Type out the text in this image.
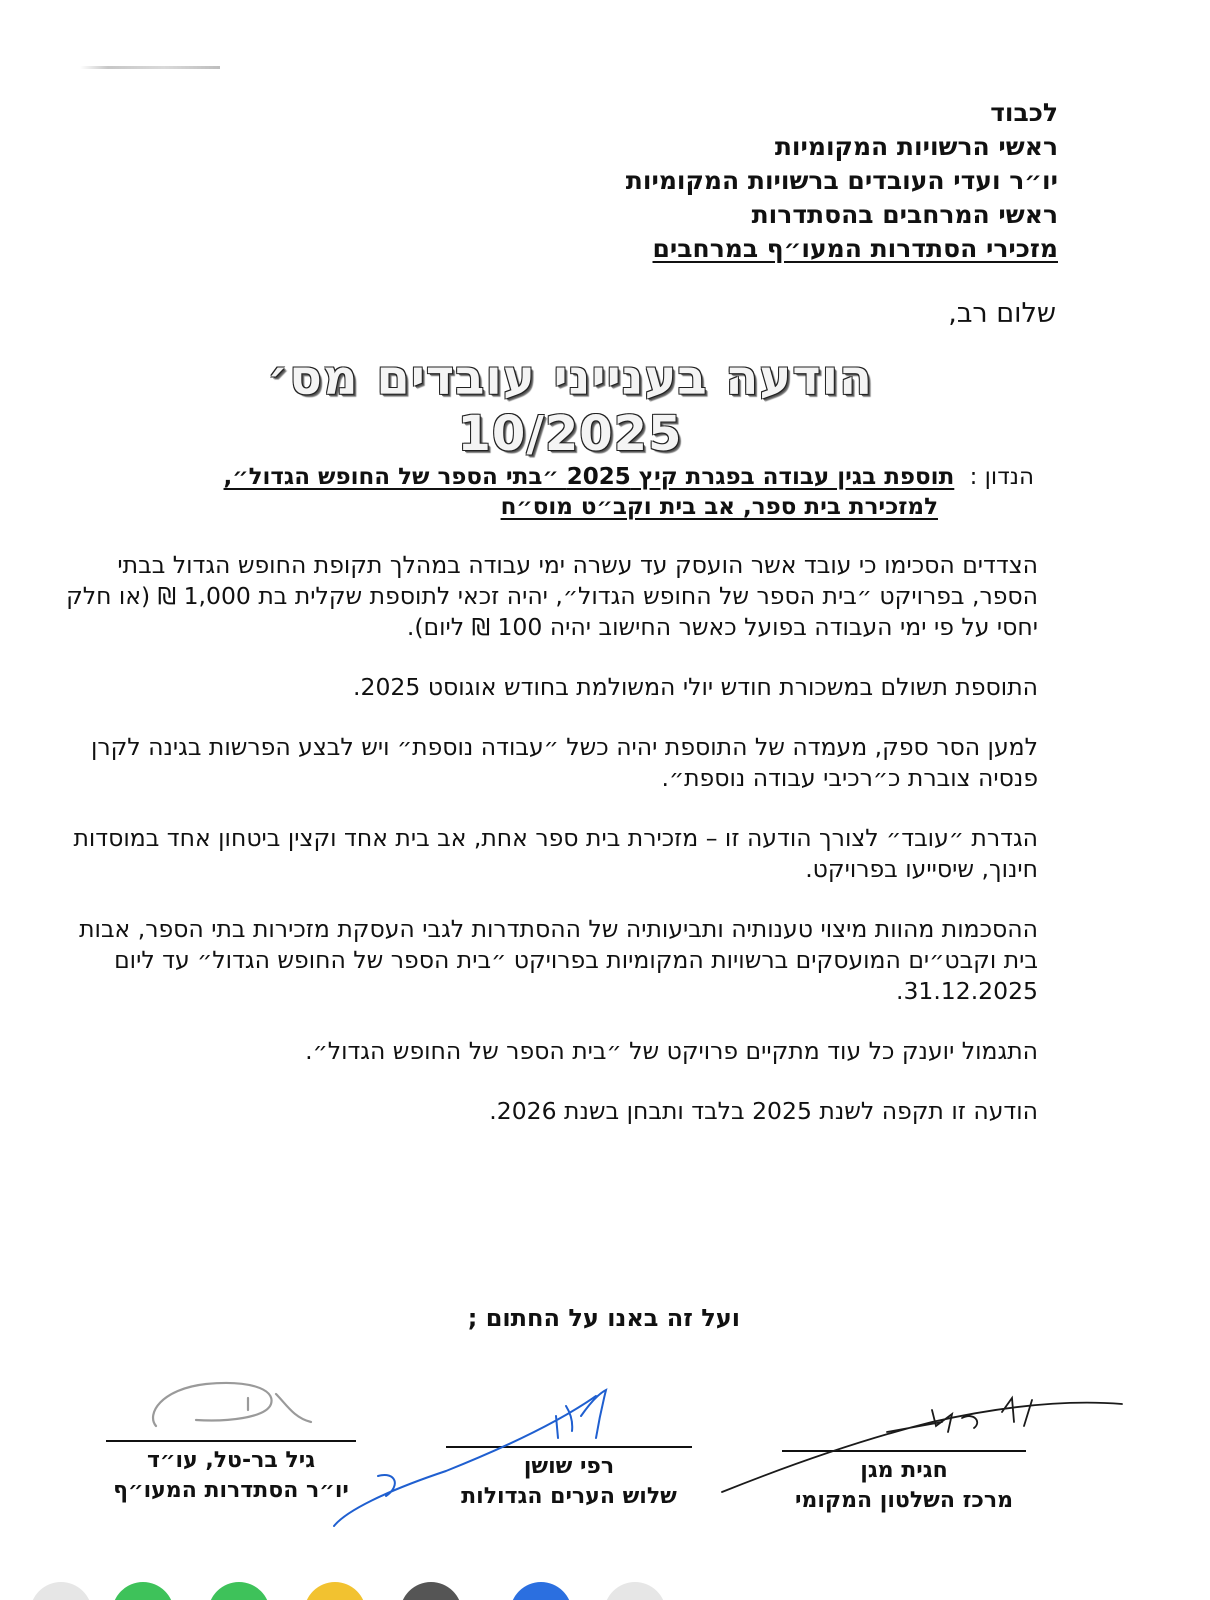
לכבוד
ראשי הרשויות המקומיות
יו״ר ועדי העובדים ברשויות המקומיות
ראשי המרחבים בהסתדרות
מזכירי הסתדרות המעו״ף במרחבים
שלום רב,
הודעה בענייני עובדים מס׳ 10/2025
הנדון : תוספת בגין עבודה בפגרת קיץ 2025 ״בתי הספר של החופש הגדול״,
למזכירת בית ספר, אב בית וקב״ט מוס״ח

הצדדים הסכימו כי עובד אשר הועסק עד עשרה ימי עבודה במהלך תקופת החופש הגדול בבתי הספר, בפרויקט ״בית הספר של החופש הגדול״, יהיה זכאי לתוספת שקלית בת 1,000 ₪ (או חלק יחסי על פי ימי העבודה בפועל כאשר החישוב יהיה 100 ₪ ליום).

התוספת תשולם במשכורת חודש יולי המשולמת בחודש אוגוסט 2025.

למען הסר ספק, מעמדה של התוספת יהיה כשל ״עבודה נוספת״ ויש לבצע הפרשות בגינה לקרן פנסיה צוברת כ״רכיבי עבודה נוספת״.

הגדרת ״עובד״ לצורך הודעה זו – מזכירת בית ספר אחת, אב בית אחד וקצין ביטחון אחד במוסדות חינוך, שיסייעו בפרויקט.

ההסכמות מהוות מיצוי טענותיה ותביעותיה של ההסתדרות לגבי העסקת מזכירות בתי הספר, אבות בית וקבט״ים המועסקים ברשויות המקומיות בפרויקט ״בית הספר של החופש הגדול״ עד ליום 31.12.2025.

התגמול יוענק כל עוד מתקיים פרויקט של ״בית הספר של החופש הגדול״.

הודעה זו תקפה לשנת 2025 בלבד ותבחן בשנת 2026.

ועל זה באנו על החתום ;
גיל בר-טל, עו״ד
יו״ר הסתדרות המעו״ף
רפי שושן
שלוש הערים הגדולות
חגית מגן
מרכז השלטון המקומי
